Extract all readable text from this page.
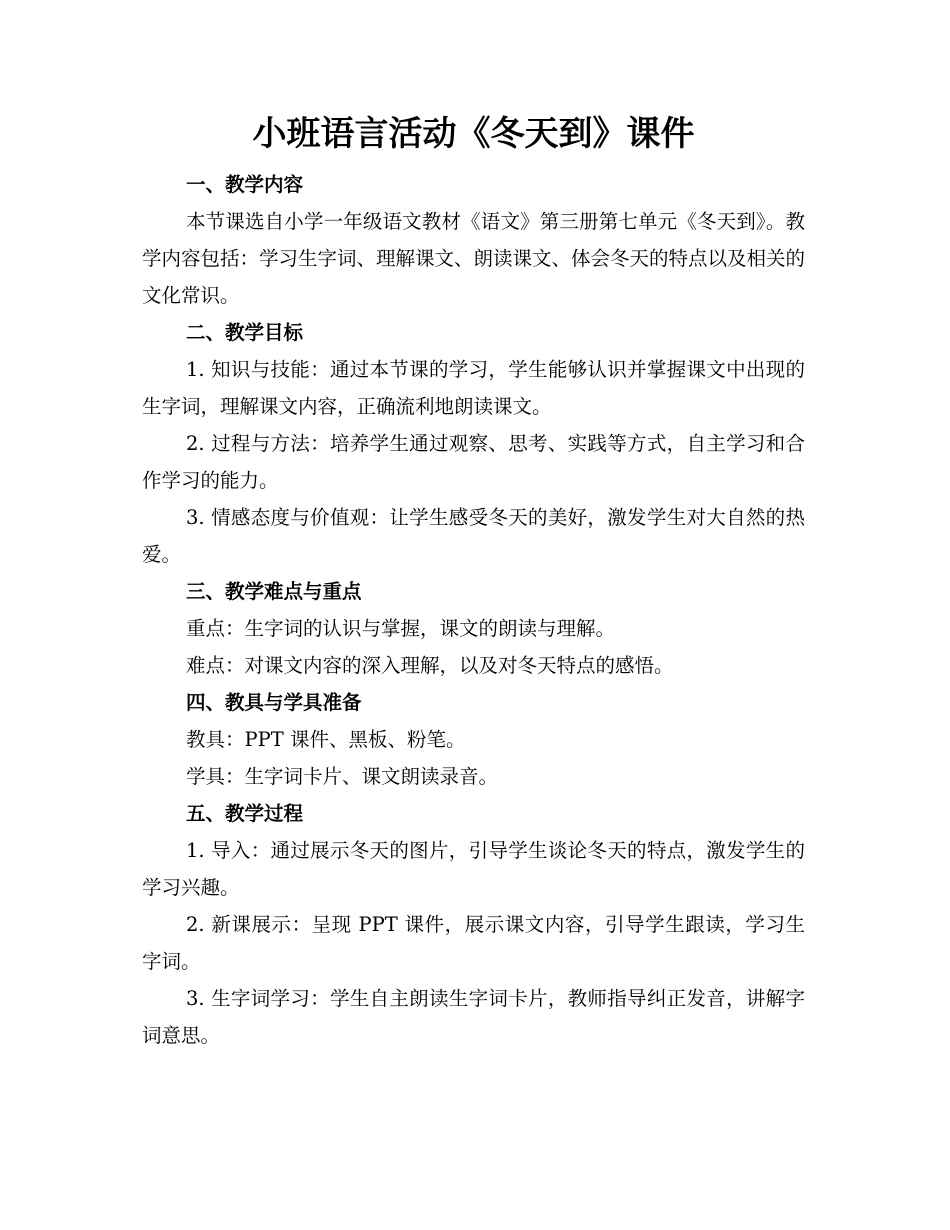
小班语言活动《冬天到》课件
一、教学内容

本节课选自小学一年级语文教材《语文》第三册第七单元《冬天到》。教学内容包括：学习生字词、理解课文、朗读课文、体会冬天的特点以及相关的文化常识。

二、教学目标

1. 知识与技能：通过本节课的学习，学生能够认识并掌握课文中出现的生字词，理解课文内容，正确流利地朗读课文。

2. 过程与方法：培养学生通过观察、思考、实践等方式，自主学习和合作学习的能力。

3. 情感态度与价值观：让学生感受冬天的美好，激发学生对大自然的热爱。

三、教学难点与重点

重点：生字词的认识与掌握，课文的朗读与理解。

难点：对课文内容的深入理解，以及对冬天特点的感悟。

四、教具与学具准备

教具：PPT 课件、黑板、粉笔。

学具：生字词卡片、课文朗读录音。

五、教学过程

1. 导入：通过展示冬天的图片，引导学生谈论冬天的特点，激发学生的学习兴趣。

2. 新课展示：呈现 PPT 课件，展示课文内容，引导学生跟读，学习生字词。

3. 生字词学习：学生自主朗读生字词卡片，教师指导纠正发音，讲解字词意思。
